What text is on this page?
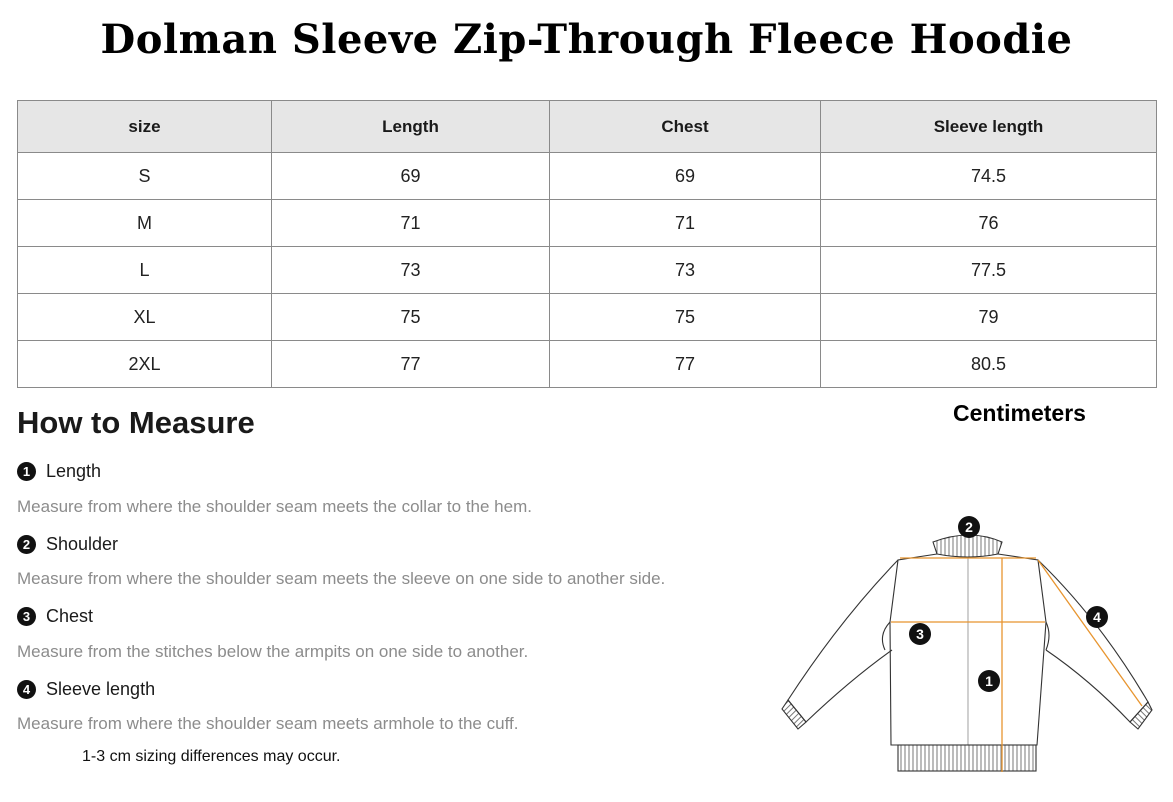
Dolman Sleeve Zip-Through Fleece Hoodie
size	Length	Chest	Sleeve length
S	69	69	74.5
M	71	71	76
L	73	73	77.5
XL	75	75	79
2XL	77	77	80.5
Centimeters
How to Measure
1 Length
Measure from where the shoulder seam meets the collar to the hem.
2 Shoulder
Measure from where the shoulder seam meets the sleeve on one side to another side.
3 Chest
Measure from the stitches below the armpits on one side to another.
4 Sleeve length
Measure from where the shoulder seam meets armhole to the cuff.
1-3 cm sizing differences may occur.
2
3
1
4
